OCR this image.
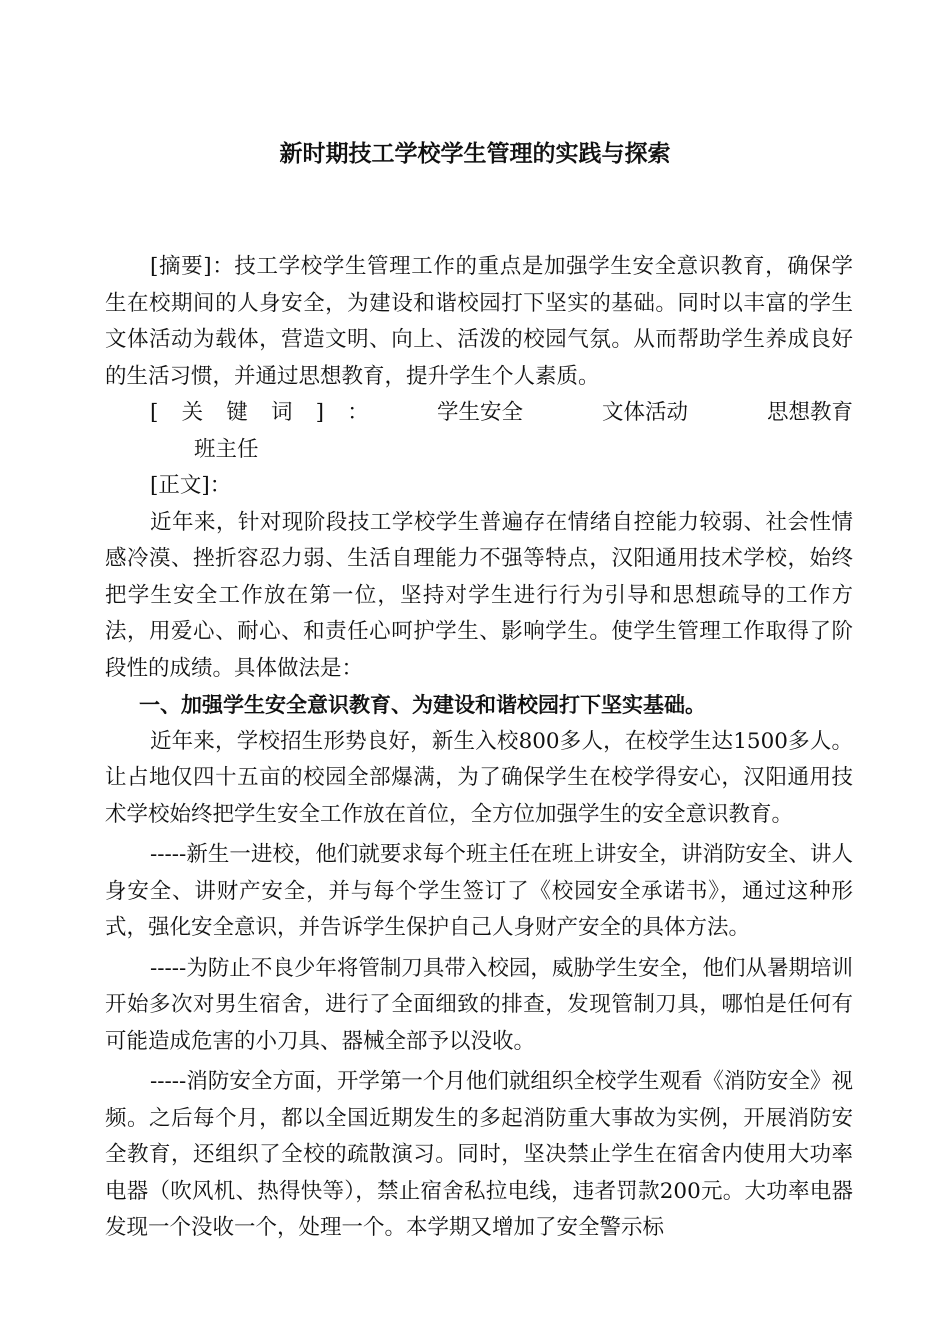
新时期技工学校学生管理的实践与探索

[摘要]：技工学校学生管理工作的重点是加强学生安全意识教育，确保学生在校期间的人身安全，为建设和谐校园打下坚实的基础。同时以丰富的学生文体活动为载体，营造文明、向上、活泼的校园气氛。从而帮助学生养成良好的生活习惯，并通过思想教育，提升学生个人素质。

[关键词]： 学生安全	文体活动	思想教育班主任

[正文]：

近年来，针对现阶段技工学校学生普遍存在情绪自控能力较弱、社会性情感冷漠、挫折容忍力弱、生活自理能力不强等特点，汉阳通用技术学校，始终把学生安全工作放在第一位，坚持对学生进行行为引导和思想疏导的工作方法，用爱心、耐心、和责任心呵护学生、影响学生。使学生管理工作取得了阶段性的成绩。具体做法是：

一、加强学生安全意识教育、为建设和谐校园打下坚实基础。

近年来，学校招生形势良好，新生入校800多人，在校学生达1500多人。让占地仅四十五亩的校园全部爆满，为了确保学生在校学得安心，汉阳通用技术学校始终把学生安全工作放在首位，全方位加强学生的安全意识教育。

-----新生一进校，他们就要求每个班主任在班上讲安全，讲消防安全、讲人身安全、讲财产安全，并与每个学生签订了《校园安全承诺书》，通过这种形式，强化安全意识，并告诉学生保护自己人身财产安全的具体方法。

-----为防止不良少年将管制刀具带入校园，威胁学生安全，他们从暑期培训开始多次对男生宿舍，进行了全面细致的排查，发现管制刀具，哪怕是任何有可能造成危害的小刀具、器械全部予以没收。

-----消防安全方面，开学第一个月他们就组织全校学生观看《消防安全》视频。之后每个月，都以全国近期发生的多起消防重大事故为实例，开展消防安全教育，还组织了全校的疏散演习。同时，坚决禁止学生在宿舍内使用大功率电器（吹风机、热得快等），禁止宿舍私拉电线，违者罚款200元。大功率电器发现一个没收一个，处理一个。本学期又增加了安全警示标
